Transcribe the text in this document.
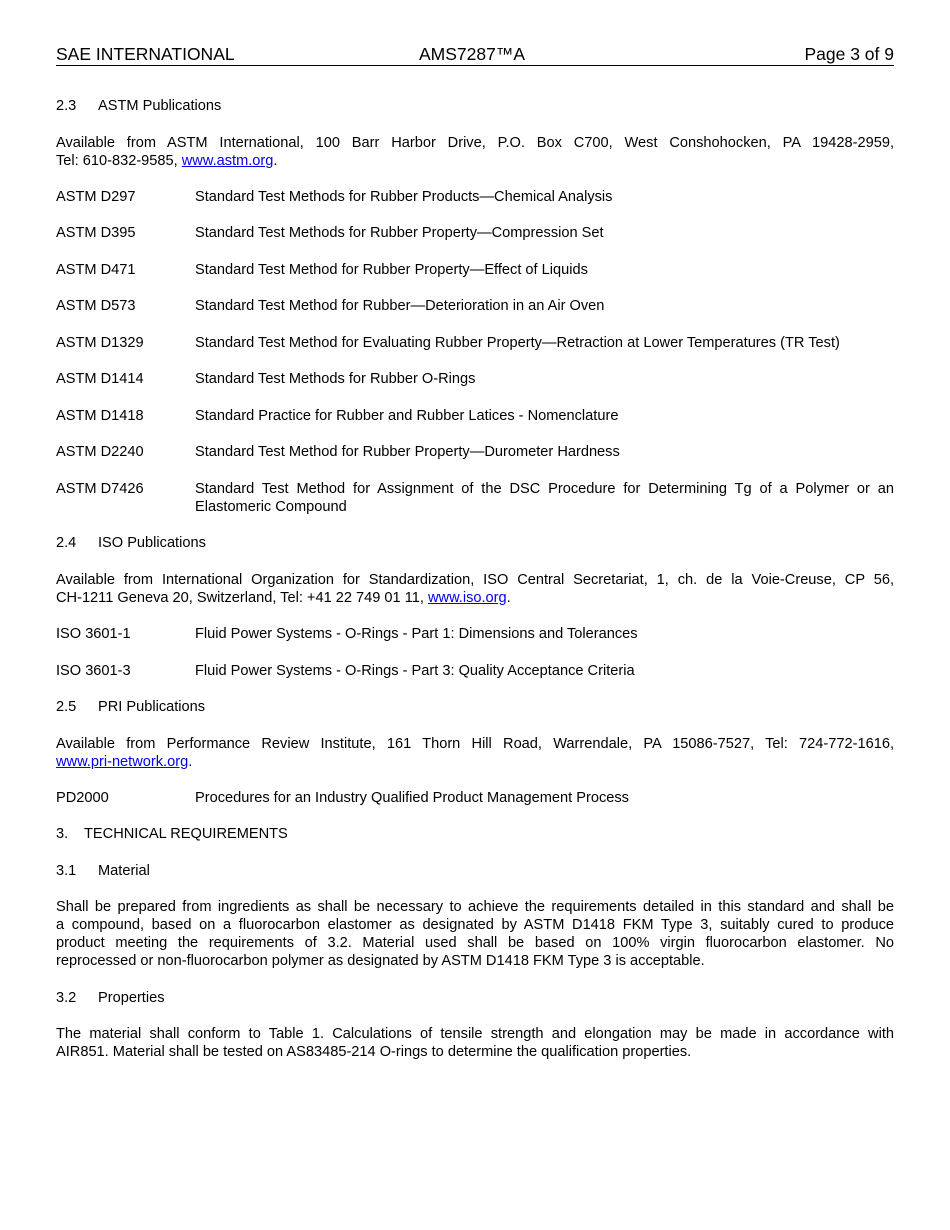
SAE INTERNATIONAL	AMS7287™A	Page 3 of 9
2.3 ASTM Publications
Available from ASTM International, 100 Barr Harbor Drive, P.O. Box C700, West Conshohocken, PA 19428-2959,
Tel: 610-832-9585, www.astm.org.
ASTM D297	Standard Test Methods for Rubber Products—Chemical Analysis
ASTM D395	Standard Test Methods for Rubber Property—Compression Set
ASTM D471	Standard Test Method for Rubber Property—Effect of Liquids
ASTM D573	Standard Test Method for Rubber—Deterioration in an Air Oven
ASTM D1329	Standard Test Method for Evaluating Rubber Property—Retraction at Lower Temperatures (TR Test)
ASTM D1414	Standard Test Methods for Rubber O-Rings
ASTM D1418	Standard Practice for Rubber and Rubber Latices - Nomenclature
ASTM D2240	Standard Test Method for Rubber Property—Durometer Hardness
ASTM D7426	Standard Test Method for Assignment of the DSC Procedure for Determining Tg of a Polymer or an
Elastomeric Compound
2.4 ISO Publications
Available from International Organization for Standardization, ISO Central Secretariat, 1, ch. de la Voie-Creuse, CP 56,
CH-1211 Geneva 20, Switzerland, Tel: +41 22 749 01 11, www.iso.org.
ISO 3601-1	Fluid Power Systems - O-Rings - Part 1: Dimensions and Tolerances
ISO 3601-3	Fluid Power Systems - O-Rings - Part 3: Quality Acceptance Criteria
2.5 PRI Publications
Available from Performance Review Institute, 161 Thorn Hill Road, Warrendale, PA 15086-7527, Tel: 724-772-1616,
www.pri-network.org.
PD2000	Procedures for an Industry Qualified Product Management Process
3. TECHNICAL REQUIREMENTS
3.1 Material
Shall be prepared from ingredients as shall be necessary to achieve the requirements detailed in this standard and shall be
a compound, based on a fluorocarbon elastomer as designated by ASTM D1418 FKM Type 3, suitably cured to produce
product meeting the requirements of 3.2. Material used shall be based on 100% virgin fluorocarbon elastomer. No
reprocessed or non-fluorocarbon polymer as designated by ASTM D1418 FKM Type 3 is acceptable.
3.2 Properties
The material shall conform to Table 1. Calculations of tensile strength and elongation may be made in accordance with
AIR851. Material shall be tested on AS83485-214 O-rings to determine the qualification properties.
